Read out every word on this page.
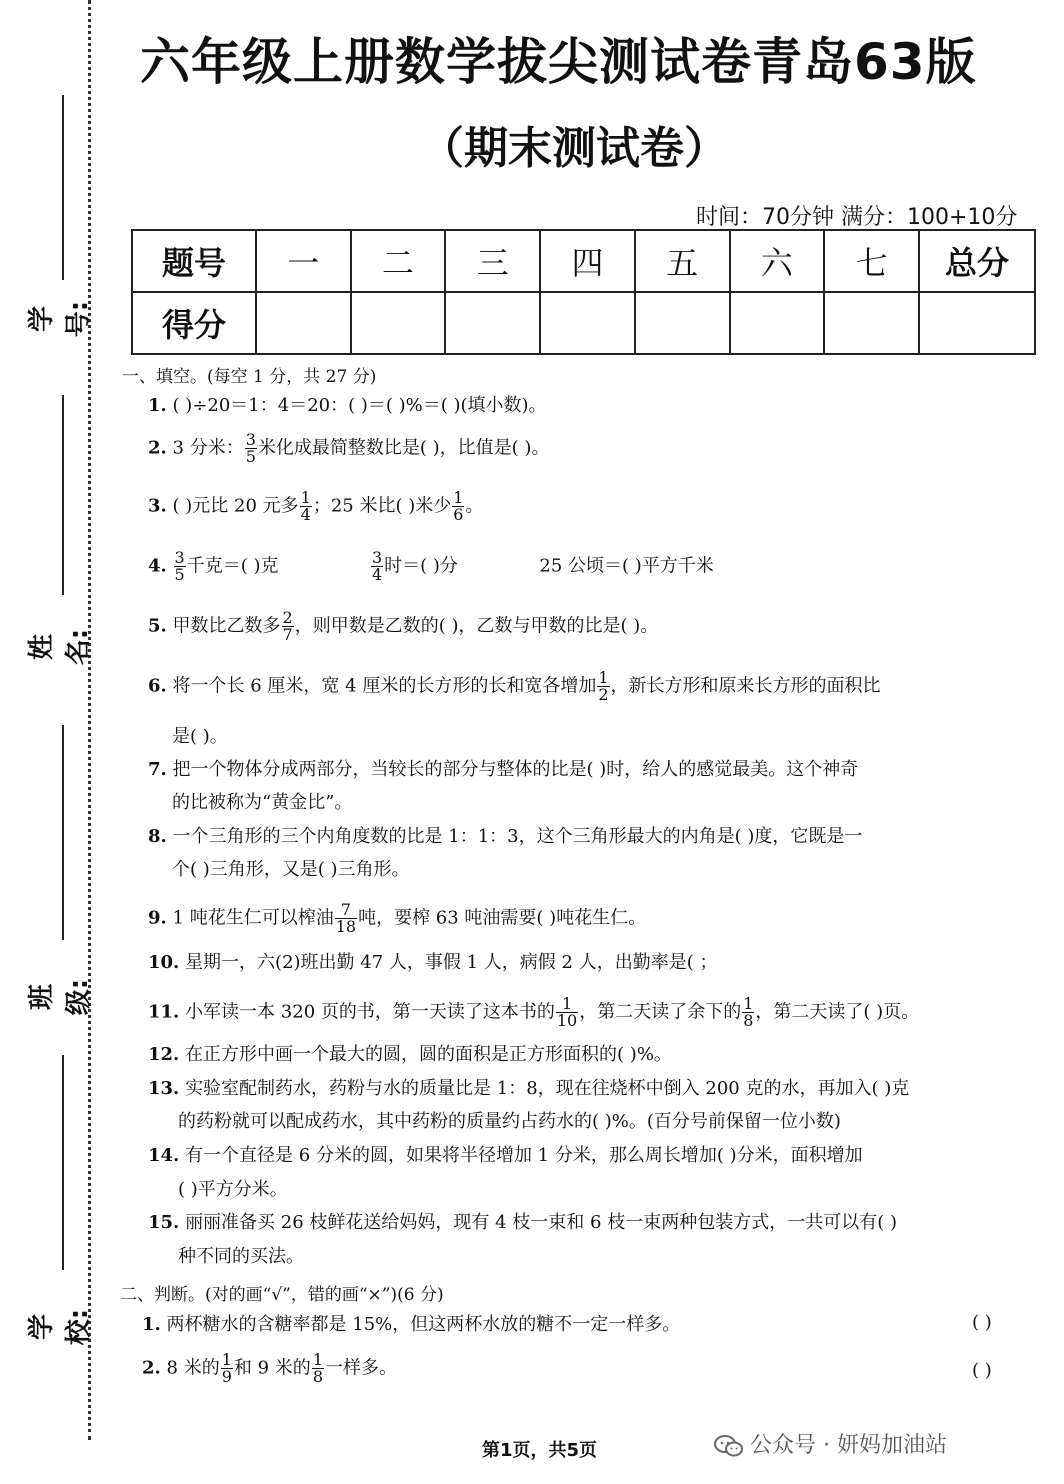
学号:
姓名:
班级:
学校:
六年级上册数学拔尖测试卷青岛63版
（期末测试卷）
时间：70分钟 满分：100+10分
题号	一	二	三	四	五	六	七	总分
得分								
一、填空。(每空 1 分，共 27 分)
1. ( )÷20＝1：4＝20：( )＝( )%＝( )(填小数)。
2. 3 分米： $\frac{3}{5}$ 米化成最简整数比是( )，比值是( )。
3. ( )元比 20 元多 $\frac{1}{4}$ ；25 米比( )米少 $\frac{1}{6}$ 。
4. $\frac{3}{5}$ 千克＝( )克	$\frac{3}{4}$ 时＝( )分	25 公顷＝( )平方千米
5. 甲数比乙数多 $\frac{2}{7}$ ，则甲数是乙数的( )，乙数与甲数的比是( )。
6. 将一个长 6 厘米，宽 4 厘米的长方形的长和宽各增加 $\frac{1}{2}$ ，新长方形和原来长方形的面积比
是( )。
7. 把一个物体分成两部分，当较长的部分与整体的比是( )时，给人的感觉最美。这个神奇
的比被称为“黄金比”。
8. 一个三角形的三个内角度数的比是 1：1：3，这个三角形最大的内角是( )度，它既是一
个( )三角形，又是( )三角形。
9. 1 吨花生仁可以榨油 $\frac{7}{18}$ 吨，要榨 63 吨油需要( )吨花生仁。
10. 星期一，六(2)班出勤 47 人，事假 1 人，病假 2 人，出勤率是( ；
11. 小军读一本 320 页的书，第一天读了这本书的 $\frac{1}{10}$ ，第二天读了余下的 $\frac{1}{8}$ ，第二天读了( )页。
12. 在正方形中画一个最大的圆，圆的面积是正方形面积的( )%。
13. 实验室配制药水，药粉与水的质量比是 1：8，现在往烧杯中倒入 200 克的水，再加入( )克
的药粉就可以配成药水，其中药粉的质量约占药水的( )%。(百分号前保留一位小数)
14. 有一个直径是 6 分米的圆，如果将半径增加 1 分米，那么周长增加( )分米，面积增加
( )平方分米。
15. 丽丽准备买 26 枝鲜花送给妈妈，现有 4 枝一束和 6 枝一束两种包装方式，一共可以有( )
种不同的买法。
二、判断。(对的画“√”，错的画“×”)(6 分)
1. 两杯糖水的含糖率都是 15%，但这两杯水放的糖不一定一样多。	( )
2. 8 米的 $\frac{1}{9}$ 和 9 米的 $\frac{1}{8}$ 一样多。	( )
第1页，共5页	公众号 · 妍妈加油站
